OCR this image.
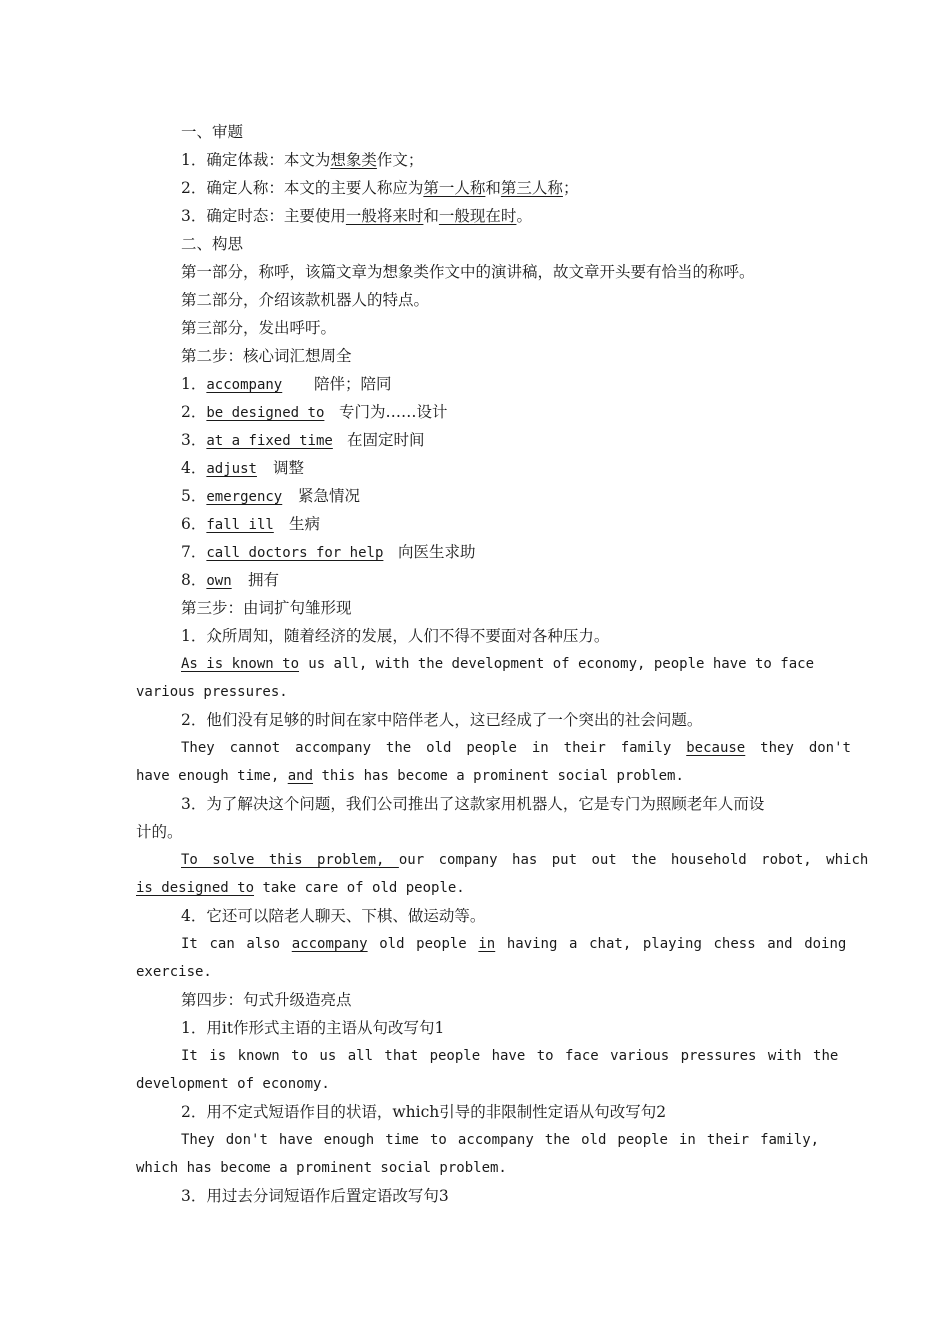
一、审题
1．确定体裁：本文为想象类作文；
2．确定人称：本文的主要人称应为第一人称和第三人称；
3．确定时态：主要使用一般将来时和一般现在时。
二、构思
第一部分，称呼，该篇文章为想象类作文中的演讲稿，故文章开头要有恰当的称呼。
第二部分，介绍该款机器人的特点。
第三部分，发出呼吁。
第二步：核心词汇想周全
1．accompany 陪伴；陪同
2．be designed to 专门为……设计
3．at a fixed time 在固定时间
4．adjust 调整
5．emergency 紧急情况
6．fall ill 生病
7．call doctors for help 向医生求助
8．own 拥有
第三步：由词扩句雏形现
1．众所周知，随着经济的发展，人们不得不要面对各种压力。
As is known to us all, with the development of economy, people have to face
various pressures.
2．他们没有足够的时间在家中陪伴老人，这已经成了一个突出的社会问题。
They cannot accompany the old people in their family because they don't
have enough time, and this has become a prominent social problem.
3．为了解决这个问题，我们公司推出了这款家用机器人，它是专门为照顾老年人而设
计的。
To solve this problem, our company has put out the household robot, which
is designed to take care of old people.
4．它还可以陪老人聊天、下棋、做运动等。
It can also accompany old people in having a chat, playing chess and doing
exercise.
第四步：句式升级造亮点
1．用it作形式主语的主语从句改写句1
It is known to us all that people have to face various pressures with the
development of economy.
2．用不定式短语作目的状语，which引导的非限制性定语从句改写句2
They don't have enough time to accompany the old people in their family,
which has become a prominent social problem.
3．用过去分词短语作后置定语改写句3
